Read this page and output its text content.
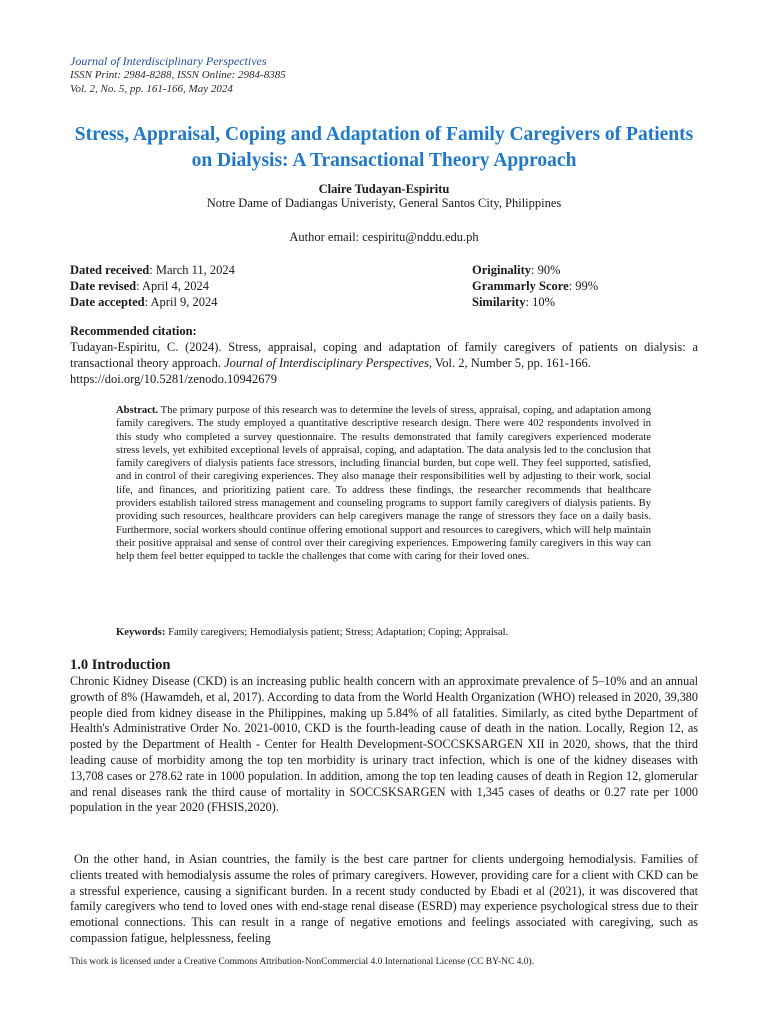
Journal of Interdisciplinary Perspectives
ISSN Print: 2984-8288, ISSN Online: 2984-8385
Vol. 2, No. 5, pp. 161-166, May 2024
Stress, Appraisal, Coping and Adaptation of Family Caregivers of Patients on Dialysis: A Transactional Theory Approach
Claire Tudayan-Espiritu
Notre Dame of Dadiangas Univeristy, General Santos City, Philippines
Author email: cespiritu@nddu.edu.ph
Dated received: March 11, 2024
Date revised: April 4, 2024
Date accepted: April 9, 2024
Originality: 90%
Grammarly Score: 99%
Similarity: 10%
Recommended citation:
Tudayan-Espiritu, C. (2024). Stress, appraisal, coping and adaptation of family caregivers of patients on dialysis: a transactional theory approach. Journal of Interdisciplinary Perspectives, Vol. 2, Number 5, pp. 161-166.
https://doi.org/10.5281/zenodo.10942679

Abstract. The primary purpose of this research was to determine the levels of stress, appraisal, coping, and adaptation among family caregivers. The study employed a quantitative descriptive research design. There were 402 respondents involved in this study who completed a survey questionnaire. The results demonstrated that family caregivers experienced moderate stress levels, yet exhibited exceptional levels of appraisal, coping, and adaptation. The data analysis led to the conclusion that family caregivers of dialysis patients face stressors, including financial burden, but cope well. They feel supported, satisfied, and in control of their caregiving experiences. They also manage their responsibilities well by adjusting to their work, social life, and finances, and prioritizing patient care. To address these findings, the researcher recommends that healthcare providers establish tailored stress management and counseling programs to support family caregivers of dialysis patients. By providing such resources, healthcare providers can help caregivers manage the range of stressors they face on a daily basis. Furthermore, social workers should continue offering emotional support and resources to caregivers, which will help maintain their positive appraisal and sense of control over their caregiving experiences. Empowering family caregivers in this way can help them feel better equipped to tackle the challenges that come with caring for their loved ones.

Keywords: Family caregivers; Hemodialysis patient; Stress; Adaptation; Coping; Appraisal.
1.0 Introduction

Chronic Kidney Disease (CKD) is an increasing public health concern with an approximate prevalence of 5–10% and an annual growth of 8% (Hawamdeh, et al, 2017). According to data from the World Health Organization (WHO) released in 2020, 39,380 people died from kidney disease in the Philippines, making up 5.84% of all fatalities. Similarly, as cited bythe Department of Health's Administrative Order No. 2021-0010, CKD is the fourth-leading cause of death in the nation. Locally, Region 12, as posted by the Department of Health - Center for Health Development-SOCCSKSARGEN XII in 2020, shows, that the third leading cause of morbidity among the top ten morbidity is urinary tract infection, which is one of the kidney diseases with 13,708 cases or 278.62 rate in 1000 population. In addition, among the top ten leading causes of death in Region 12, glomerular and renal diseases rank the third cause of mortality in SOCCSKSARGEN with 1,345 cases of deaths or 0.27 rate per 1000 population in the year 2020 (FHSIS,2020).

On the other hand, in Asian countries, the family is the best care partner for clients undergoing hemodialysis. Families of clients treated with hemodialysis assume the roles of primary caregivers. However, providing care for a client with CKD can be a stressful experience, causing a significant burden. In a recent study conducted by Ebadi et al (2021), it was discovered that family caregivers who tend to loved ones with end-stage renal disease (ESRD) may experience psychological stress due to their emotional connections. This can result in a range of negative emotions and feelings associated with caregiving, such as compassion fatigue, helplessness, feeling

This work is licensed under a Creative Commons Attribution-NonCommercial 4.0 International License (CC BY-NC 4.0).
